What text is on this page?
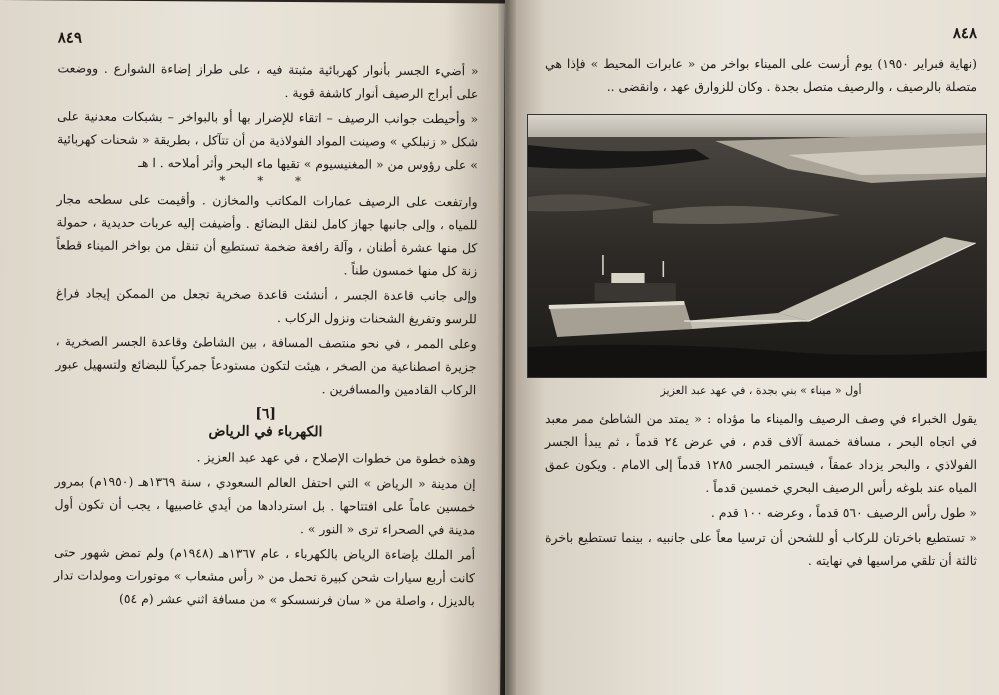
٨٤٩

« أضيء الجسر بأنوار كهربائية مثبتة فيه ، على طراز إضاءة الشوارع . ووضعت على أبراج الرصيف أنوار كاشفة قوية .

« وأحيطت جوانب الرصيف – اتقاء للإضرار بها أو بالبواخر – بشبكات معدنية على شكل « زنبلكي » وصينت المواد الفولاذية من أن تتآكل ، بطريقة « شحنات كهربائية » على رؤوس من « المغنيسيوم » تقيها ماء البحر وأثر أملاحه . ا هـ

* * *

وارتفعت على الرصيف عمارات المكاتب والمخازن . وأقيمت على سطحه مجار للمياه ، وإلى جانبها جهاز كامل لنقل البضائع . وأضيفت إليه عربات حديدية ، حمولة كل منها عشرة أطنان ، وآلة رافعة ضخمة تستطيع أن تنقل من بواخر الميناء قطعاً زنة كل منها خمسون طناً .

وإلى جانب قاعدة الجسر ، أنشئت قاعدة صخرية تجعل من الممكن إيجاد فراغ للرسو وتفريغ الشحنات ونزول الركاب .

وعلى الممر ، في نحو منتصف المسافة ، بين الشاطئ وقاعدة الجسر الصخرية ، جزيرة اصطناعية من الصخر ، هيئت لتكون مستودعاً جمركياً للبضائع ولتسهيل عبور الركاب القادمين والمسافرين .

[٦]
الكهرباء في الرياض

وهذه خطوة من خطوات الإصلاح ، في عهد عبد العزيز .

إن مدينة « الرياض » التي احتفل العالم السعودي ، سنة ١٣٦٩هـ (١٩٥٠م) بمرور خمسين عاماً على افتتاحها . بل استردادها من أيدي غاصبيها ، يجب أن تكون أول مدينة في الصحراء ترى « النور » .

أمر الملك بإضاءة الرياض بالكهرباء ، عام ١٣٦٧هـ (١٩٤٨م) ولم تمض شهور حتى كانت أربع سيارات شحن كبيرة تحمل من « رأس مشعاب » موتورات ومولدات تدار بالديزل ، واصلة من « سان فرنسسكو » من مسافة اثني عشر (م ٥٤)

٨٤٨

(نهاية فبراير ١٩٥٠) يوم أرست على الميناء بواخر من « عابرات المحيط » فإذا هي متصلة بالرصيف ، والرصيف متصل بجدة . وكان للزوارق عهد ، وانقضى ..

أول « ميناء » بني بجدة ، في عهد عبد العزيز

يقول الخبراء في وصف الرصيف والميناء ما مؤداه : « يمتد من الشاطئ ممر معبد في اتجاه البحر ، مسافة خمسة آلاف قدم ، في عرض ٢٤ قدماً ، ثم يبدأ الجسر الفولاذي ، والبحر يزداد عمقاً ، فيستمر الجسر ١٢٨٥ قدماً إلى الامام . ويكون عمق المياه عند بلوغه رأس الرصيف البحري خمسين قدماً .

« طول رأس الرصيف ٥٦٠ قدماً ، وعرضه ١٠٠ قدم .

« تستطيع باخرتان للركاب أو للشحن أن ترسيا معاً على جانبيه ، بينما تستطيع باخرة ثالثة أن تلقي مراسيها في نهايته .
